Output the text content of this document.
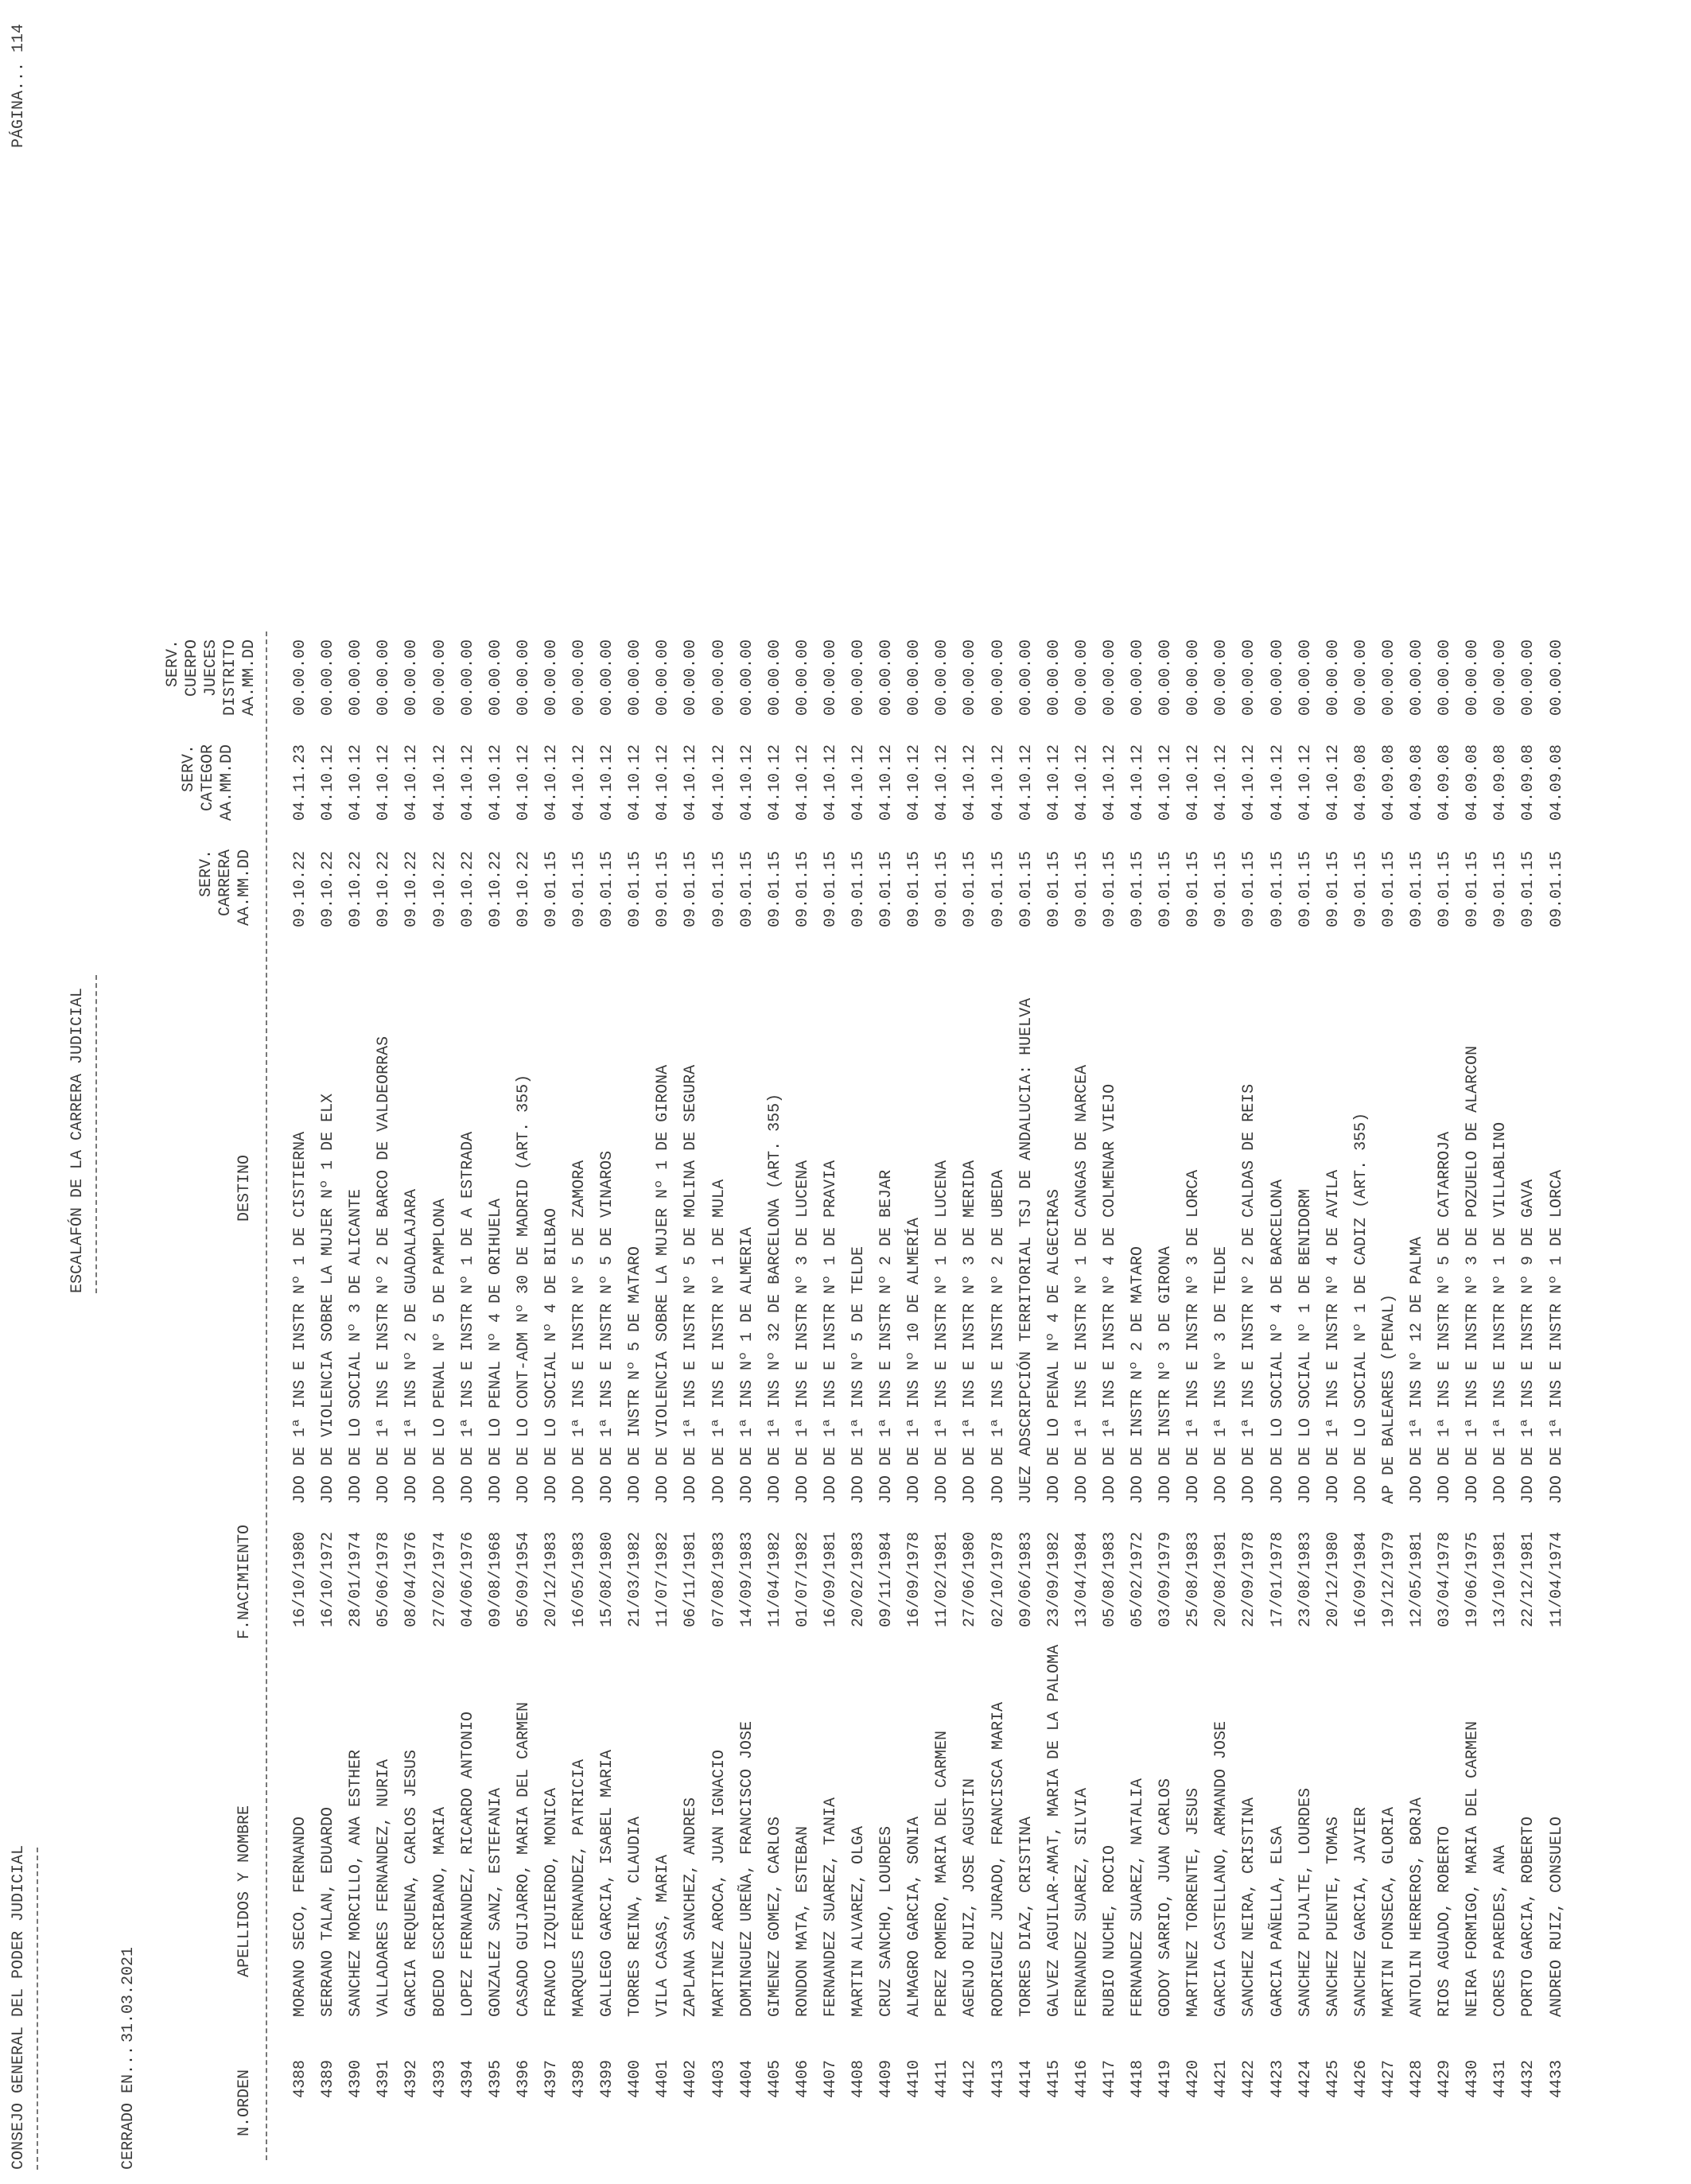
CONSEJO GENERAL DEL PODER JUDICIAL
ESCALAFÓN DE LA CARRERA JUDICIAL
PÁGINA...
114
CERRADO EN...
31.03.2021
SERV. CARRERA AA.MM.DD
SERV. CATEGOR AA.MM.DD
SERV. CUERPO JUECES DISTRITO AA.MM.DD
N.ORDEN
APELLIDOS Y NOMBRE
F.NACIMIENTO
DESTINO
4388
MORANO SECO, FERNANDO
16/10/1980
JDO DE 1ª INS E INSTR Nº 1 DE CISTIERNA
09.10.22
04.11.23
00.00.00
4389
SERRANO TALAN, EDUARDO
16/10/1972
JDO DE VIOLENCIA SOBRE LA MUJER Nº 1 DE ELX
09.10.22
04.10.12
00.00.00
4390
SANCHEZ MORCILLO, ANA ESTHER
28/01/1974
JDO DE LO SOCIAL Nº 3 DE ALICANTE
09.10.22
04.10.12
00.00.00
4391
VALLADARES FERNANDEZ, NURIA
05/06/1978
JDO DE 1ª INS E INSTR Nº 2 DE BARCO DE VALDEORRAS
09.10.22
04.10.12
00.00.00
4392
GARCIA REQUENA, CARLOS JESUS
08/04/1976
JDO DE 1ª INS Nº 2 DE GUADALAJARA
09.10.22
04.10.12
00.00.00
4393
BOEDO ESCRIBANO, MARIA
27/02/1974
JDO DE LO PENAL Nº 5 DE PAMPLONA
09.10.22
04.10.12
00.00.00
4394
LOPEZ FERNANDEZ, RICARDO ANTONIO
04/06/1976
JDO DE 1ª INS E INSTR Nº 1 DE A ESTRADA
09.10.22
04.10.12
00.00.00
4395
GONZALEZ SANZ, ESTEFANIA
09/08/1968
JDO DE LO PENAL Nº 4 DE ORIHUELA
09.10.22
04.10.12
00.00.00
4396
CASADO GUIJARRO, MARIA DEL CARMEN
05/09/1954
JDO DE LO CONT-ADM Nº 30 DE MADRID (ART. 355)
09.10.22
04.10.12
00.00.00
4397
FRANCO IZQUIERDO, MONICA
20/12/1983
JDO DE LO SOCIAL Nº 4 DE BILBAO
09.01.15
04.10.12
00.00.00
4398
MARQUES FERNANDEZ, PATRICIA
16/05/1983
JDO DE 1ª INS E INSTR Nº 5 DE ZAMORA
09.01.15
04.10.12
00.00.00
4399
GALLEGO GARCIA, ISABEL MARIA
15/08/1980
JDO DE 1ª INS E INSTR Nº 5 DE VINAROS
09.01.15
04.10.12
00.00.00
4400
TORRES REINA, CLAUDIA
21/03/1982
JDO DE INSTR Nº 5 DE MATARO
09.01.15
04.10.12
00.00.00
4401
VILA CASAS, MARIA
11/07/1982
JDO DE VIOLENCIA SOBRE LA MUJER Nº 1 DE GIRONA
09.01.15
04.10.12
00.00.00
4402
ZAPLANA SANCHEZ, ANDRES
06/11/1981
JDO DE 1ª INS E INSTR Nº 5 DE MOLINA DE SEGURA
09.01.15
04.10.12
00.00.00
4403
MARTINEZ AROCA, JUAN IGNACIO
07/08/1983
JDO DE 1ª INS E INSTR Nº 1 DE MULA
09.01.15
04.10.12
00.00.00
4404
DOMINGUEZ UREÑA, FRANCISCO JOSE
14/09/1983
JDO DE 1ª INS Nº 1 DE ALMERIA
09.01.15
04.10.12
00.00.00
4405
GIMENEZ GOMEZ, CARLOS
11/04/1982
JDO DE 1ª INS Nº 32 DE BARCELONA (ART. 355)
09.01.15
04.10.12
00.00.00
4406
RONDON MATA, ESTEBAN
01/07/1982
JDO DE 1ª INS E INSTR Nº 3 DE LUCENA
09.01.15
04.10.12
00.00.00
4407
FERNANDEZ SUAREZ, TANIA
16/09/1981
JDO DE 1ª INS E INSTR Nº 1 DE PRAVIA
09.01.15
04.10.12
00.00.00
4408
MARTIN ALVAREZ, OLGA
20/02/1983
JDO DE 1ª INS Nº 5 DE TELDE
09.01.15
04.10.12
00.00.00
4409
CRUZ SANCHO, LOURDES
09/11/1984
JDO DE 1ª INS E INSTR Nº 2 DE BEJAR
09.01.15
04.10.12
00.00.00
4410
ALMAGRO GARCIA, SONIA
16/09/1978
JDO DE 1ª INS Nº 10 DE ALMERÍA
09.01.15
04.10.12
00.00.00
4411
PEREZ ROMERO, MARIA DEL CARMEN
11/02/1981
JDO DE 1ª INS E INSTR Nº 1 DE LUCENA
09.01.15
04.10.12
00.00.00
4412
AGENJO RUIZ, JOSE AGUSTIN
27/06/1980
JDO DE 1ª INS E INSTR Nº 3 DE MERIDA
09.01.15
04.10.12
00.00.00
4413
RODRIGUEZ JURADO, FRANCISCA MARIA
02/10/1978
JDO DE 1ª INS E INSTR Nº 2 DE UBEDA
09.01.15
04.10.12
00.00.00
4414
TORRES DIAZ, CRISTINA
09/06/1983
JUEZ ADSCRIPCIÓN TERRITORIAL TSJ DE ANDALUCIA: HUELVA
09.01.15
04.10.12
00.00.00
4415
GALVEZ AGUILAR-AMAT, MARIA DE LA PALOMA
23/09/1982
JDO DE LO PENAL Nº 4 DE ALGECIRAS
09.01.15
04.10.12
00.00.00
4416
FERNANDEZ SUAREZ, SILVIA
13/04/1984
JDO DE 1ª INS E INSTR Nº 1 DE CANGAS DE NARCEA
09.01.15
04.10.12
00.00.00
4417
RUBIO NUCHE, ROCIO
05/08/1983
JDO DE 1ª INS E INSTR Nº 4 DE COLMENAR VIEJO
09.01.15
04.10.12
00.00.00
4418
FERNANDEZ SUAREZ, NATALIA
05/02/1972
JDO DE INSTR Nº 2 DE MATARO
09.01.15
04.10.12
00.00.00
4419
GODOY SARRIO, JUAN CARLOS
03/09/1979
JDO DE INSTR Nº 3 DE GIRONA
09.01.15
04.10.12
00.00.00
4420
MARTINEZ TORRENTE, JESUS
25/08/1983
JDO DE 1ª INS E INSTR Nº 3 DE LORCA
09.01.15
04.10.12
00.00.00
4421
GARCIA CASTELLANO, ARMANDO JOSE
20/08/1981
JDO DE 1ª INS Nº 3 DE TELDE
09.01.15
04.10.12
00.00.00
4422
SANCHEZ NEIRA, CRISTINA
22/09/1978
JDO DE 1ª INS E INSTR Nº 2 DE CALDAS DE REIS
09.01.15
04.10.12
00.00.00
4423
GARCIA PAÑELLA, ELSA
17/01/1978
JDO DE LO SOCIAL Nº 4 DE BARCELONA
09.01.15
04.10.12
00.00.00
4424
SANCHEZ PUJALTE, LOURDES
23/08/1983
JDO DE LO SOCIAL Nº 1 DE BENIDORM
09.01.15
04.10.12
00.00.00
4425
SANCHEZ PUENTE, TOMAS
20/12/1980
JDO DE 1ª INS E INSTR Nº 4 DE AVILA
09.01.15
04.10.12
00.00.00
4426
SANCHEZ GARCIA, JAVIER
16/09/1984
JDO DE LO SOCIAL Nº 1 DE CADIZ (ART. 355)
09.01.15
04.09.08
00.00.00
4427
MARTIN FONSECA, GLORIA
19/12/1979
AP DE BALEARES (PENAL)
09.01.15
04.09.08
00.00.00
4428
ANTOLIN HERREROS, BORJA
12/05/1981
JDO DE 1ª INS Nº 12 DE PALMA
09.01.15
04.09.08
00.00.00
4429
RIOS AGUADO, ROBERTO
03/04/1978
JDO DE 1ª INS E INSTR Nº 5 DE CATARROJA
09.01.15
04.09.08
00.00.00
4430
NEIRA FORMIGO, MARIA DEL CARMEN
19/06/1975
JDO DE 1ª INS E INSTR Nº 3 DE POZUELO DE ALARCON
09.01.15
04.09.08
00.00.00
4431
CORES PAREDES, ANA
13/10/1981
JDO DE 1ª INS E INSTR Nº 1 DE VILLABLINO
09.01.15
04.09.08
00.00.00
4432
PORTO GARCIA, ROBERTO
22/12/1981
JDO DE 1ª INS E INSTR Nº 9 DE GAVA
09.01.15
04.09.08
00.00.00
4433
ANDREO RUIZ, CONSUELO
11/04/1974
JDO DE 1ª INS E INSTR Nº 1 DE LORCA
09.01.15
04.09.08
00.00.00
